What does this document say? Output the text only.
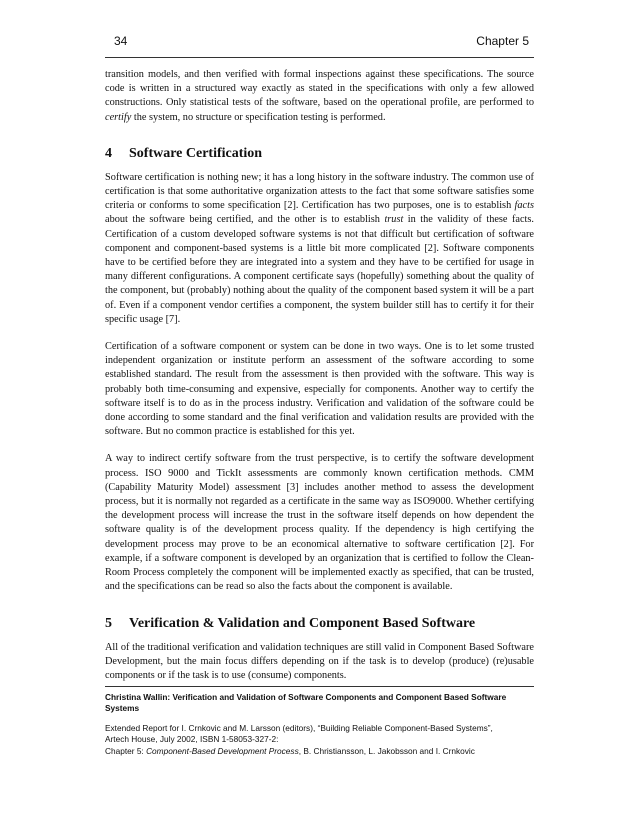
34	Chapter 5

transition models, and then verified with formal inspections against these specifications. The source code is written in a structured way exactly as stated in the specifications with only a few allowed constructions. Only statistical tests of the software, based on the operational profile, are performed to certify the system, no structure or specification testing is performed.

4 Software Certification

Software certification is nothing new; it has a long history in the software industry. The common use of certification is that some authoritative organization attests to the fact that some software satisfies some criteria or conforms to some specification [2]. Certification has two purposes, one is to establish facts about the software being certified, and the other is to establish trust in the validity of these facts. Certification of a custom developed software systems is not that difficult but certification of software component and component-based systems is a little bit more complicated [2]. Software components have to be certified before they are integrated into a system and they have to be certified for usage in many different configurations. A component certificate says (hopefully) something about the quality of the component, but (probably) nothing about the quality of the component based system it will be a part of. Even if a component vendor certifies a component, the system builder still has to certify it for their specific usage [7].

Certification of a software component or system can be done in two ways. One is to let some trusted independent organization or institute perform an assessment of the software according to some established standard. The result from the assessment is then provided with the software. This way is probably both time-consuming and expensive, especially for components. Another way to certify the software itself is to do as in the process industry. Verification and validation of the software could be done according to some standard and the final verification and validation results are provided with the software. But no common practice is established for this yet.

A way to indirect certify software from the trust perspective, is to certify the software development process. ISO 9000 and TickIt assessments are commonly known certification methods. CMM (Capability Maturity Model) assessment [3] includes another method to assess the development process, but it is normally not regarded as a certificate in the same way as ISO9000. Whether certifying the development process will increase the trust in the software itself depends on how dependent the software quality is of the development process quality. If the dependency is high certifying the development process may prove to be an economical alternative to software certification [2]. For example, if a software component is developed by an organization that is certified to follow the Clean-Room Process completely the component will be implemented exactly as specified, that can be trusted, and the specifications can be read so also the facts about the component is available.

5 Verification & Validation and Component Based Software

All of the traditional verification and validation techniques are still valid in Component Based Software Development, but the main focus differs depending on if the task is to develop (produce) (re)usable components or if the task is to use (consume) components.

Christina Wallin: Verification and Validation of Software Components and Component Based Software Systems

Extended Report for I. Crnkovic and M. Larsson (editors), “Building Reliable Component-Based Systems”,

Artech House, July 2002, ISBN 1-58053-327-2:

Chapter 5: Component-Based Development Process, B. Christiansson, L. Jakobsson and I. Crnkovic
